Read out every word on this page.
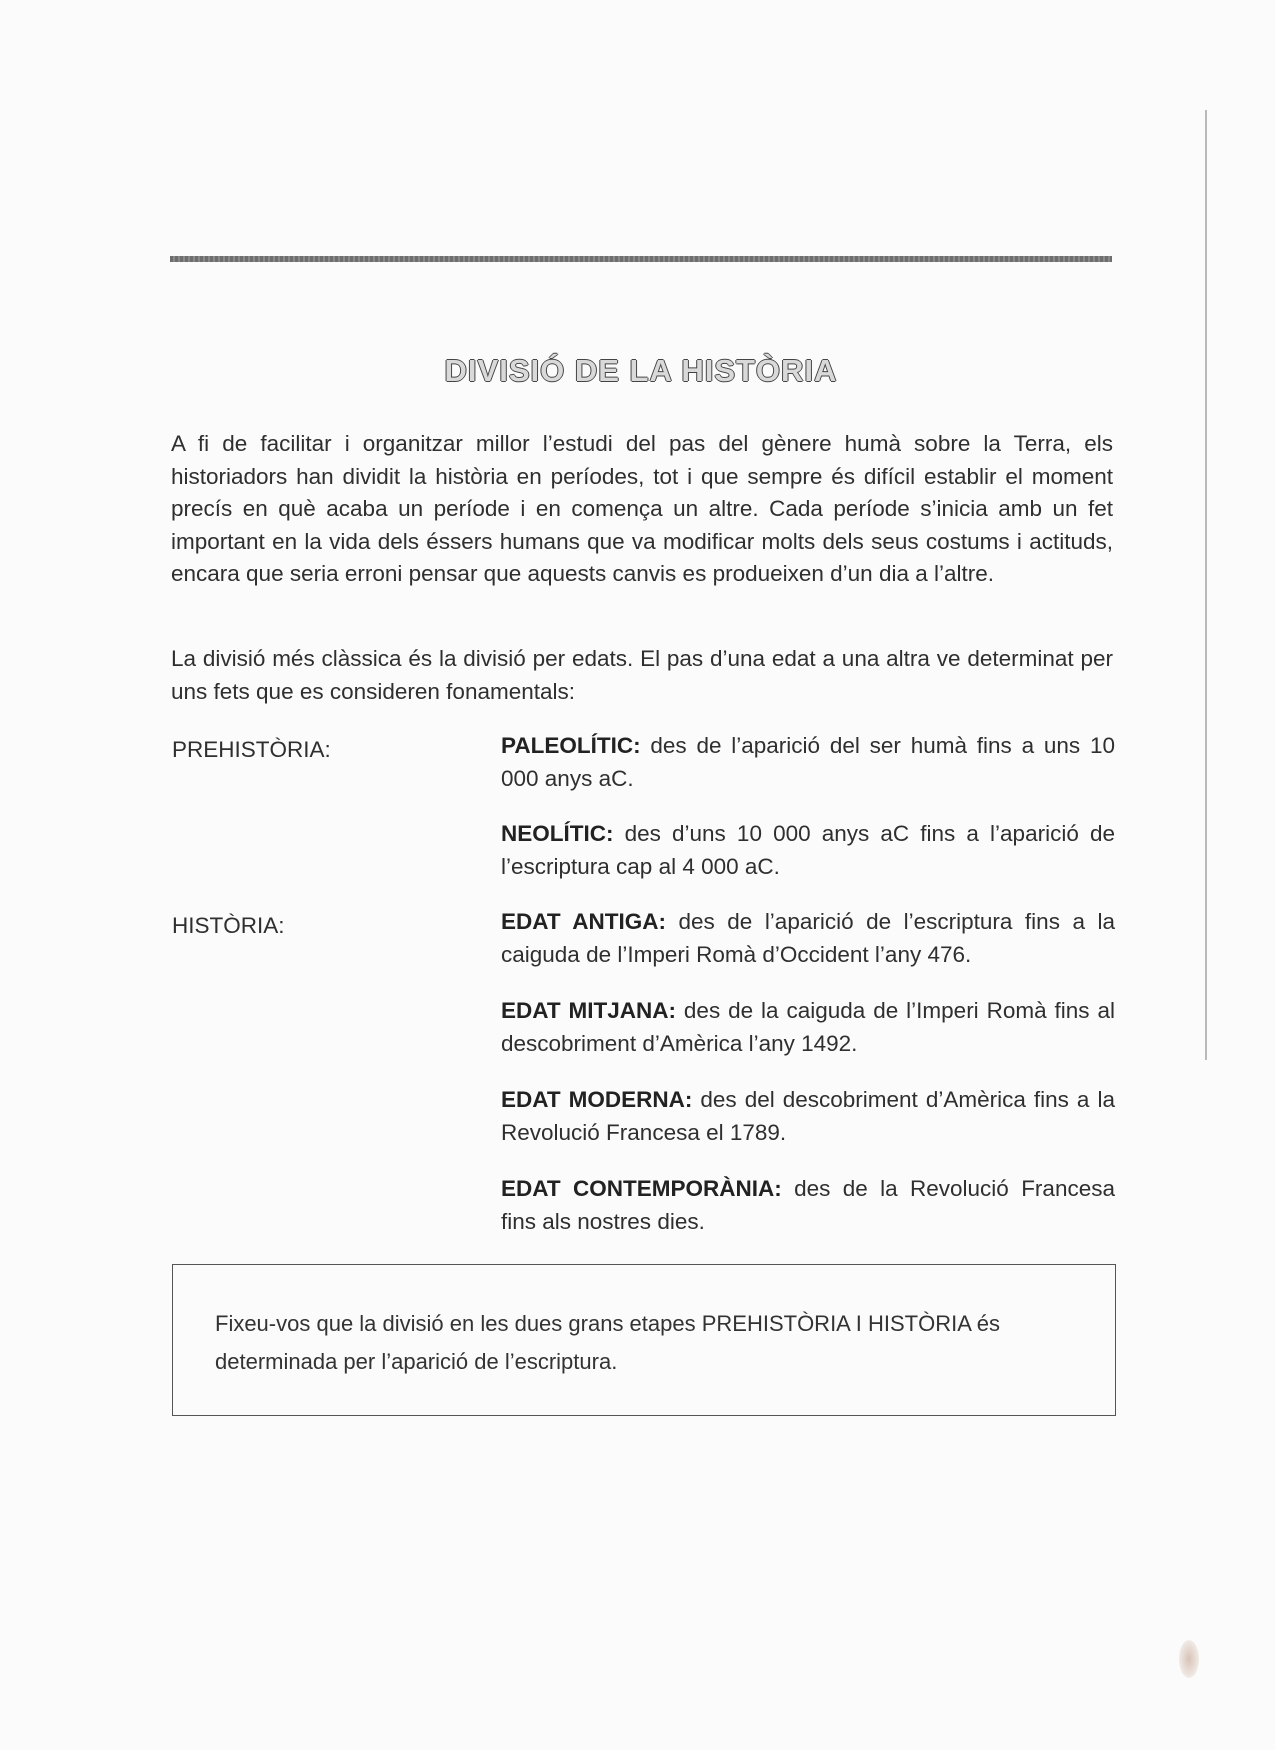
DIVISIÓ DE LA HISTÒRIA

A fi de facilitar i organitzar millor l’estudi del pas del gènere humà sobre la Terra, els historiadors han dividit la història en períodes, tot i que sempre és difícil establir el moment precís en què acaba un període i en comença un altre. Cada període s’inicia amb un fet important en la vida dels éssers humans que va modificar molts dels seus costums i actituds, encara que seria erroni pensar que aquests canvis es produeixen d’un dia a l’altre.

La divisió més clàssica és la divisió per edats. El pas d’una edat a una altra ve determinat per uns fets que es consideren fonamentals:

PREHISTÒRIA:
HISTÒRIA:

PALEOLÍTIC: des de l’aparició del ser humà fins a uns 10 000 anys aC.

NEOLÍTIC: des d’uns 10 000 anys aC fins a l’aparició de l’escriptura cap al 4 000 aC.

EDAT ANTIGA: des de l’aparició de l’escriptura fins a la caiguda de l’Imperi Romà d’Occident l’any 476.

EDAT MITJANA: des de la caiguda de l’Imperi Romà fins al descobriment d’Amèrica l’any 1492.

EDAT MODERNA: des del descobriment d’Amèrica fins a la Revolució Francesa el 1789.

EDAT CONTEMPORÀNIA: des de la Revolució Francesa fins als nostres dies.

Fixeu-vos que la divisió en les dues grans etapes PREHISTÒRIA I HISTÒRIA és determinada per l’aparició de l’escriptura.
